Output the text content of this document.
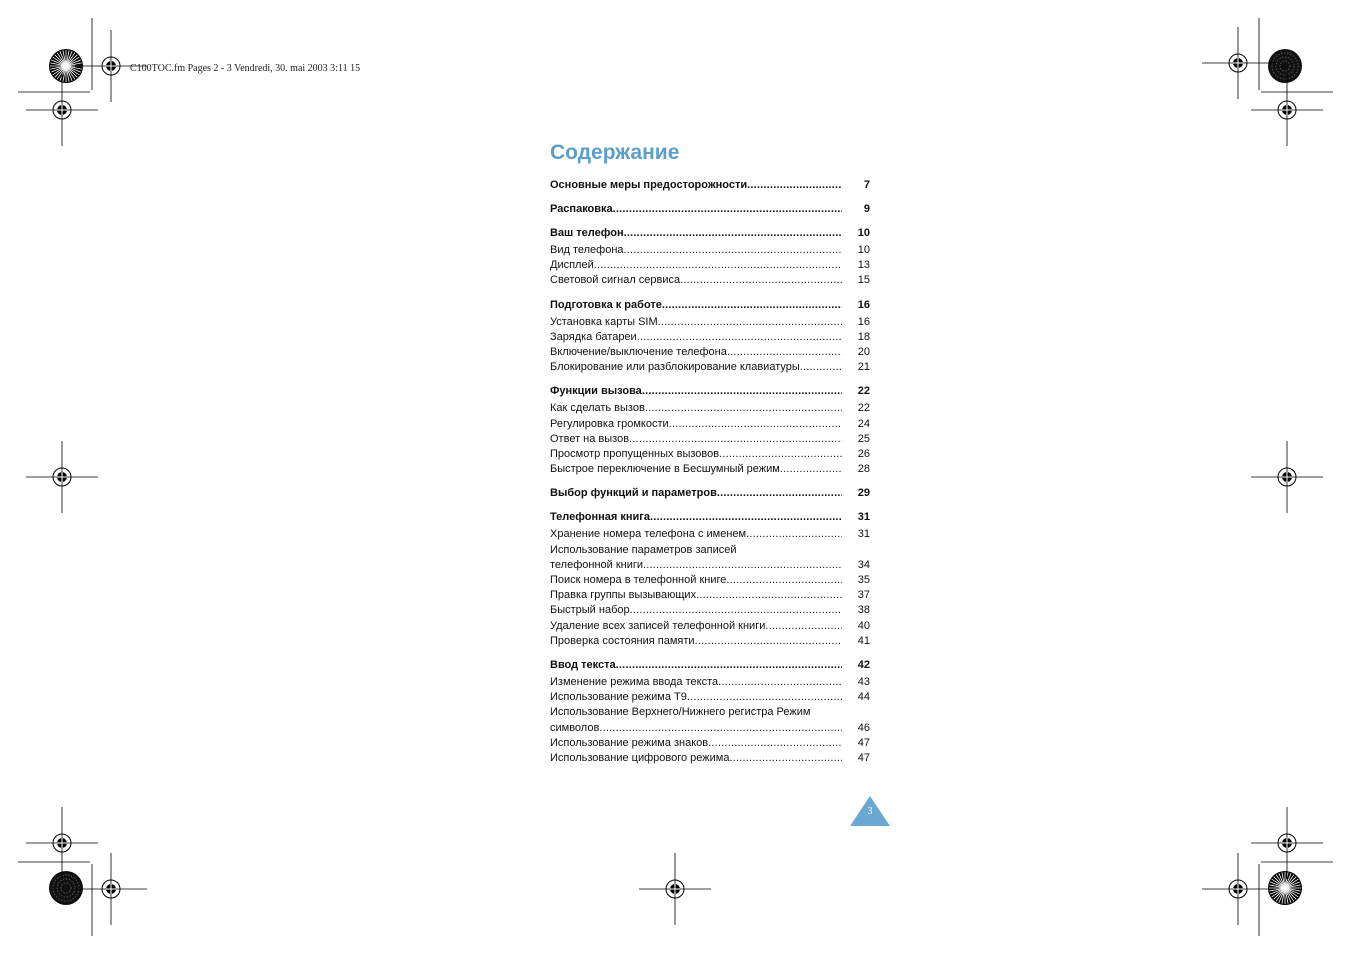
C100TOC.fm Pages 2 - 3 Vendredi, 30. mai 2003 3:11 15
Содержание
Основные меры предосторожности .....	7
Распаковка .....	9
Ваш телефон .....	10
Вид телефона .....	10
Дисплей .....	13
Световой сигнал сервиса .....	15
Подготовка к работе .....	16
Установка карты SIM .....	16
Зарядка батареи .....	18
Включение/выключение телефона .....	20
Блокирование или разблокирование клавиатуры .....	21
Функции вызова .....	22
Как сделать вызов .....	22
Регулировка громкости .....	24
Ответ на вызов .....	25
Просмотр пропущенных вызовов .....	26
Быстрое переключение в Бесшумный режим .....	28
Выбор функций и параметров .....	29
Телефонная книга .....	31
Хранение номера телефона с именем .....	31
Использование параметров записей
телефонной книги .....	34
Поиск номера в телефонной книге .....	35
Правка группы вызывающих .....	37
Быстрый набор .....	38
Удаление всех записей телефонной книги .....	40
Проверка состояния памяти .....	41
Ввод текста .....	42
Изменение режима ввода текста .....	43
Использование режима T9 .....	44
Использование Верхнего/Нижнего регистра Режим
символов .....	46
Использование режима знаков .....	47
Использование цифрового режима .....	47
3
